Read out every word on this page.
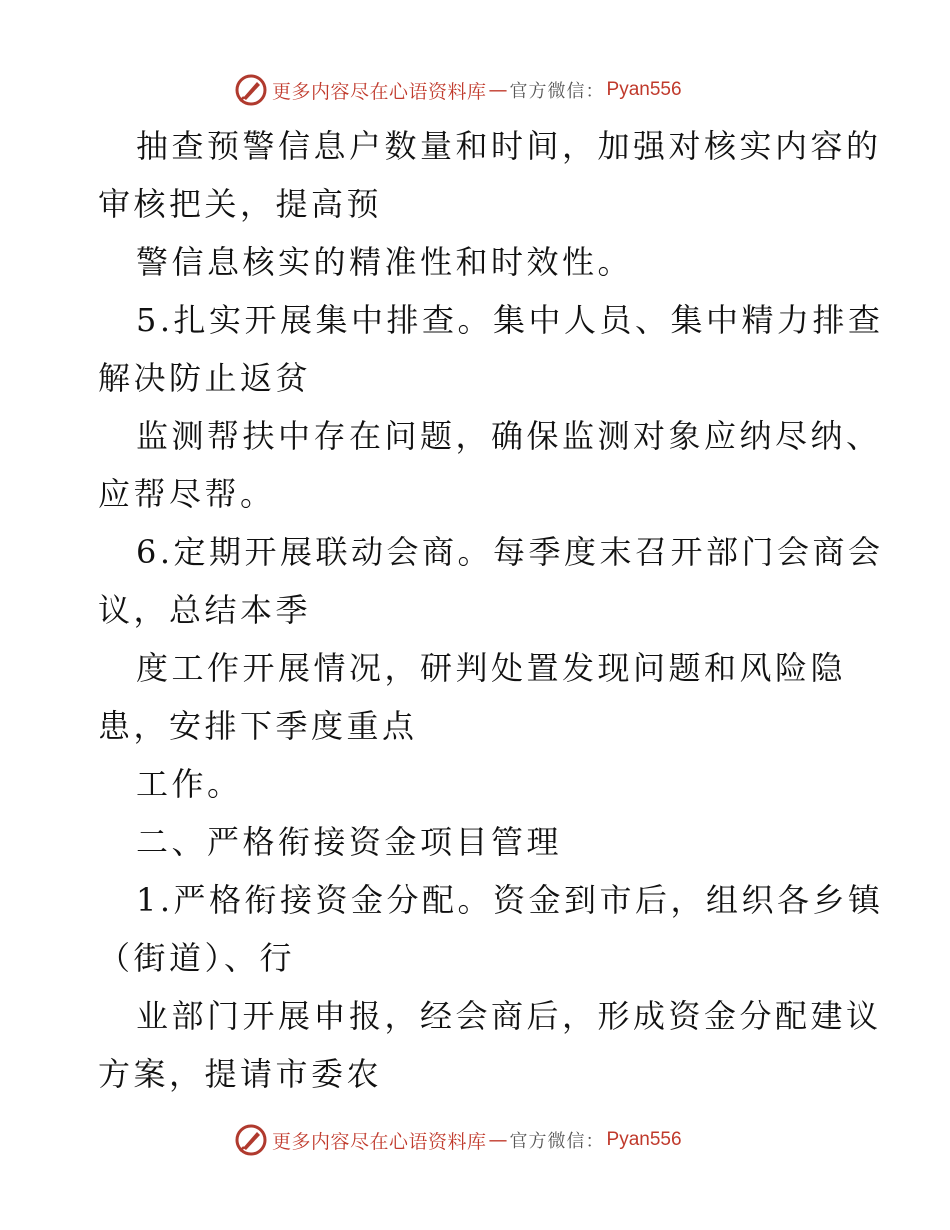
更多内容尽在心语资料库 — 官方微信： Pyan556
抽查预警信息户数量和时间，加强对核实内容的
审核把关，提高预
警信息核实的精准性和时效性。
5.扎实开展集中排查。集中人员、集中精力排查
解决防止返贫
监测帮扶中存在问题，确保监测对象应纳尽纳、
应帮尽帮。
6.定期开展联动会商。每季度末召开部门会商会
议，总结本季
度工作开展情况，研判处置发现问题和风险隐
患，安排下季度重点
工作。
二、严格衔接资金项目管理
1.严格衔接资金分配。资金到市后，组织各乡镇
（街道）、行
业部门开展申报，经会商后，形成资金分配建议
方案，提请市委农
更多内容尽在心语资料库 — 官方微信： Pyan556
